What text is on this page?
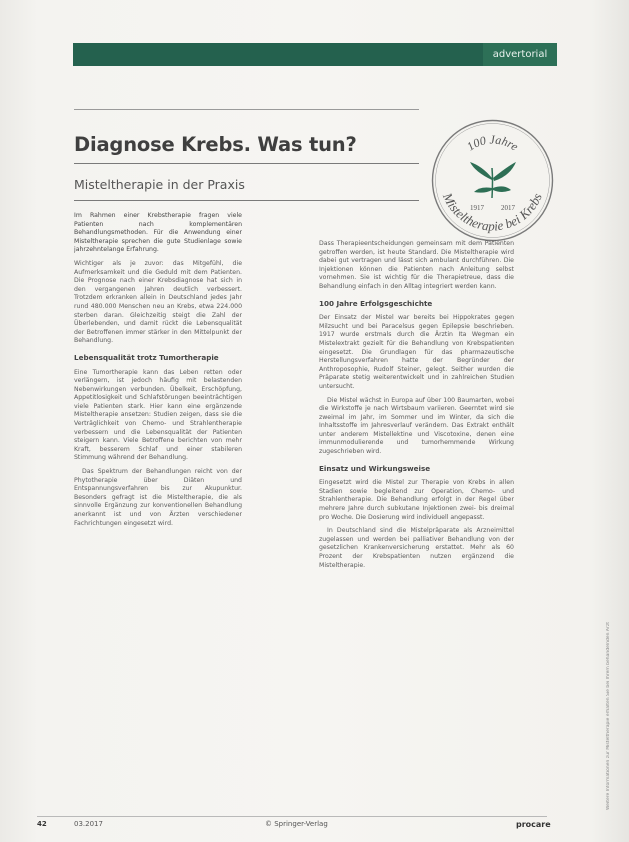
advertorial
Diagnose Krebs. Was tun?
Misteltherapie in der Praxis
100 Jahre
Misteltherapie bei Krebs
1917 2017

Im Rahmen einer Krebstherapie fragen viele Patienten nach komplementären Behandlungsmethoden. Für die Anwendung einer Misteltherapie sprechen die gute Studienlage sowie jahrzehntelange Erfahrung.

Wichtiger als je zuvor: das Mitgefühl, die Aufmerksamkeit und die Geduld mit dem Patienten. Die Prognose nach einer Krebsdiagnose hat sich in den vergangenen Jahren deutlich verbessert. Trotzdem erkranken allein in Deutschland jedes Jahr rund 480.000 Menschen neu an Krebs, etwa 224.000 sterben daran. Gleichzeitig steigt die Zahl der Überlebenden, und damit rückt die Lebensqualität der Betroffenen immer stärker in den Mittelpunkt der Behandlung.

Lebensqualität trotz Tumortherapie

Eine Tumortherapie kann das Leben retten oder verlängern, ist jedoch häufig mit belastenden Nebenwirkungen verbunden. Übelkeit, Erschöpfung, Appetitlosigkeit und Schlafstörungen beeinträchtigen viele Patienten stark. Hier kann eine ergänzende Misteltherapie ansetzen: Studien zeigen, dass sie die Verträglichkeit von Chemo- und Strahlentherapie verbessern und die Lebensqualität der Patienten steigern kann. Viele Betroffene berichten von mehr Kraft, besserem Schlaf und einer stabileren Stimmung während der Behandlung.

Das Spektrum der Behandlungen reicht von der Phytotherapie über Diäten und Entspannungsverfahren bis zur Akupunktur. Besonders gefragt ist die Misteltherapie, die als sinnvolle Ergänzung zur konventionellen Behandlung anerkannt ist und von Ärzten verschiedener Fachrichtungen eingesetzt wird.

Dass Therapieentscheidungen gemeinsam mit dem Patienten getroffen werden, ist heute Standard. Die Misteltherapie wird dabei gut vertragen und lässt sich ambulant durchführen. Die Injektionen können die Patienten nach Anleitung selbst vornehmen. Sie ist wichtig für die Therapietreue, dass die Behandlung einfach in den Alltag integriert werden kann.

100 Jahre Erfolgsgeschichte

Der Einsatz der Mistel war bereits bei Hippokrates gegen Milzsucht und bei Paracelsus gegen Epilepsie beschrieben. 1917 wurde erstmals durch die Ärztin Ita Wegman ein Mistelextrakt gezielt für die Behandlung von Krebspatienten eingesetzt. Die Grundlagen für das pharmazeutische Herstellungsverfahren hatte der Begründer der Anthroposophie, Rudolf Steiner, gelegt. Seither wurden die Präparate stetig weiterentwickelt und in zahlreichen Studien untersucht.

Die Mistel wächst in Europa auf über 100 Baumarten, wobei die Wirkstoffe je nach Wirtsbaum variieren. Geerntet wird sie zweimal im Jahr, im Sommer und im Winter, da sich die Inhaltsstoffe im Jahresverlauf verändern. Das Extrakt enthält unter anderem Mistellektine und Viscotoxine, denen eine immunmodulierende und tumorhemmende Wirkung zugeschrieben wird.

Einsatz und Wirkungsweise

Eingesetzt wird die Mistel zur Therapie von Krebs in allen Stadien sowie begleitend zur Operation, Chemo- und Strahlentherapie. Die Behandlung erfolgt in der Regel über mehrere Jahre durch subkutane Injektionen zwei- bis dreimal pro Woche. Die Dosierung wird individuell angepasst.

In Deutschland sind die Mistelpräparate als Arzneimittel zugelassen und werden bei palliativer Behandlung von der gesetzlichen Krankenversicherung erstattet. Mehr als 60 Prozent der Krebspatienten nutzen ergänzend die Misteltherapie.

Weitere Informationen zur Misteltherapie erhalten Sie bei Ihrem behandelnden Arzt
42	03.2017	© Springer-Verlag	procare
